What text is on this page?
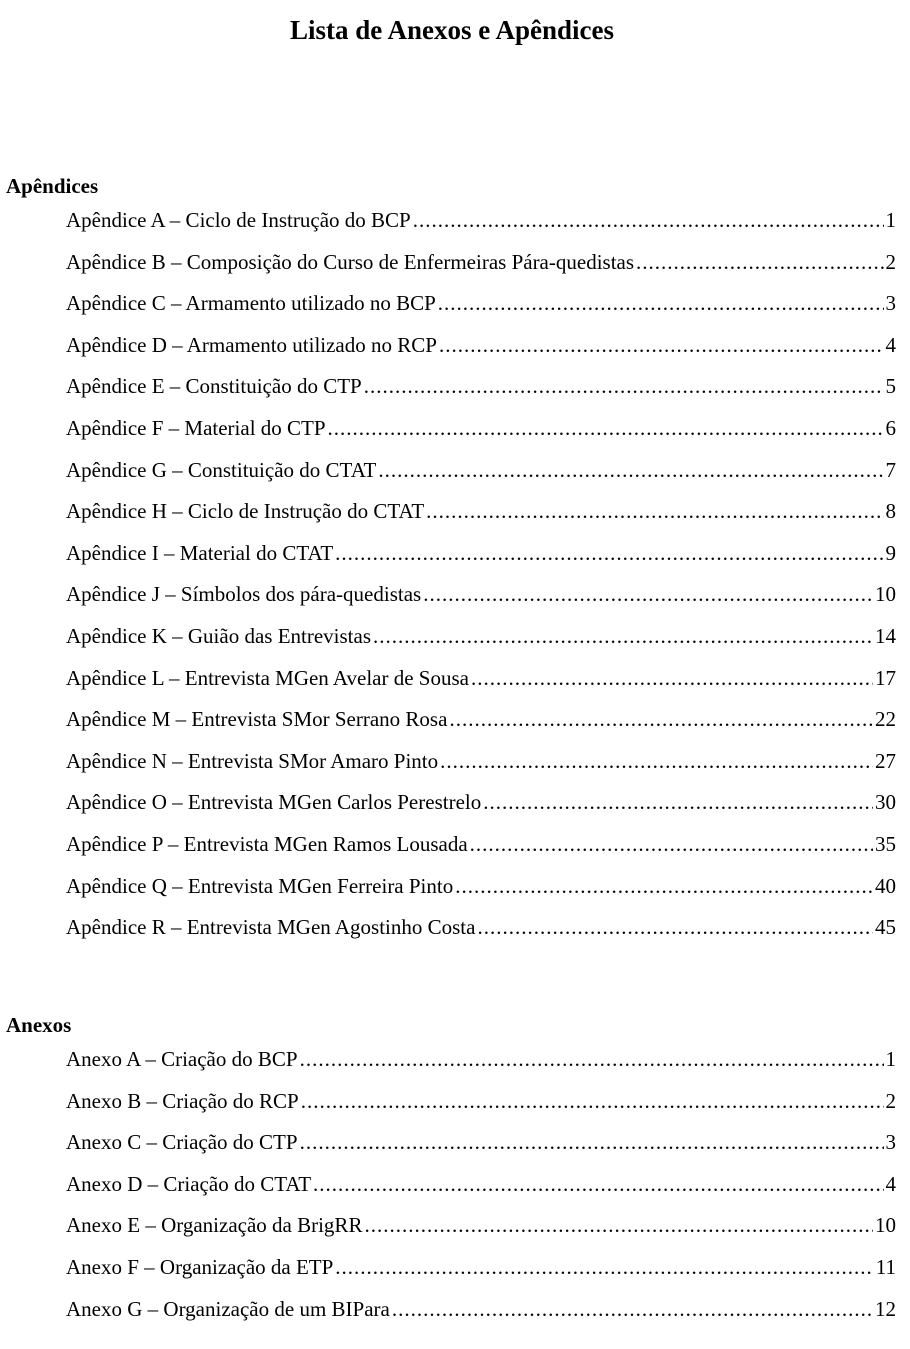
Lista de Anexos e Apêndices
Apêndices
Apêndice A – Ciclo de Instrução do BCP .....	1
Apêndice B – Composição do Curso de Enfermeiras Pára-quedistas .....	2
Apêndice C – Armamento utilizado no BCP .....	3
Apêndice D – Armamento utilizado no RCP .....	4
Apêndice E – Constituição do CTP .....	5
Apêndice F – Material do CTP .....	6
Apêndice G – Constituição do CTAT .....	7
Apêndice H – Ciclo de Instrução do CTAT .....	8
Apêndice I – Material do CTAT .....	9
Apêndice J – Símbolos dos pára-quedistas .....	10
Apêndice K – Guião das Entrevistas .....	14
Apêndice L – Entrevista MGen Avelar de Sousa .....	17
Apêndice M – Entrevista SMor Serrano Rosa .....	22
Apêndice N – Entrevista SMor Amaro Pinto .....	27
Apêndice O – Entrevista MGen Carlos Perestrelo .....	30
Apêndice P – Entrevista MGen Ramos Lousada .....	35
Apêndice Q – Entrevista MGen Ferreira Pinto .....	40
Apêndice R – Entrevista MGen Agostinho Costa .....	45
Anexos
Anexo A – Criação do BCP .....	1
Anexo B – Criação do RCP .....	2
Anexo C – Criação do CTP .....	3
Anexo D – Criação do CTAT .....	4
Anexo E – Organização da BrigRR .....	10
Anexo F – Organização da ETP .....	11
Anexo G – Organização de um BIPara .....	12
